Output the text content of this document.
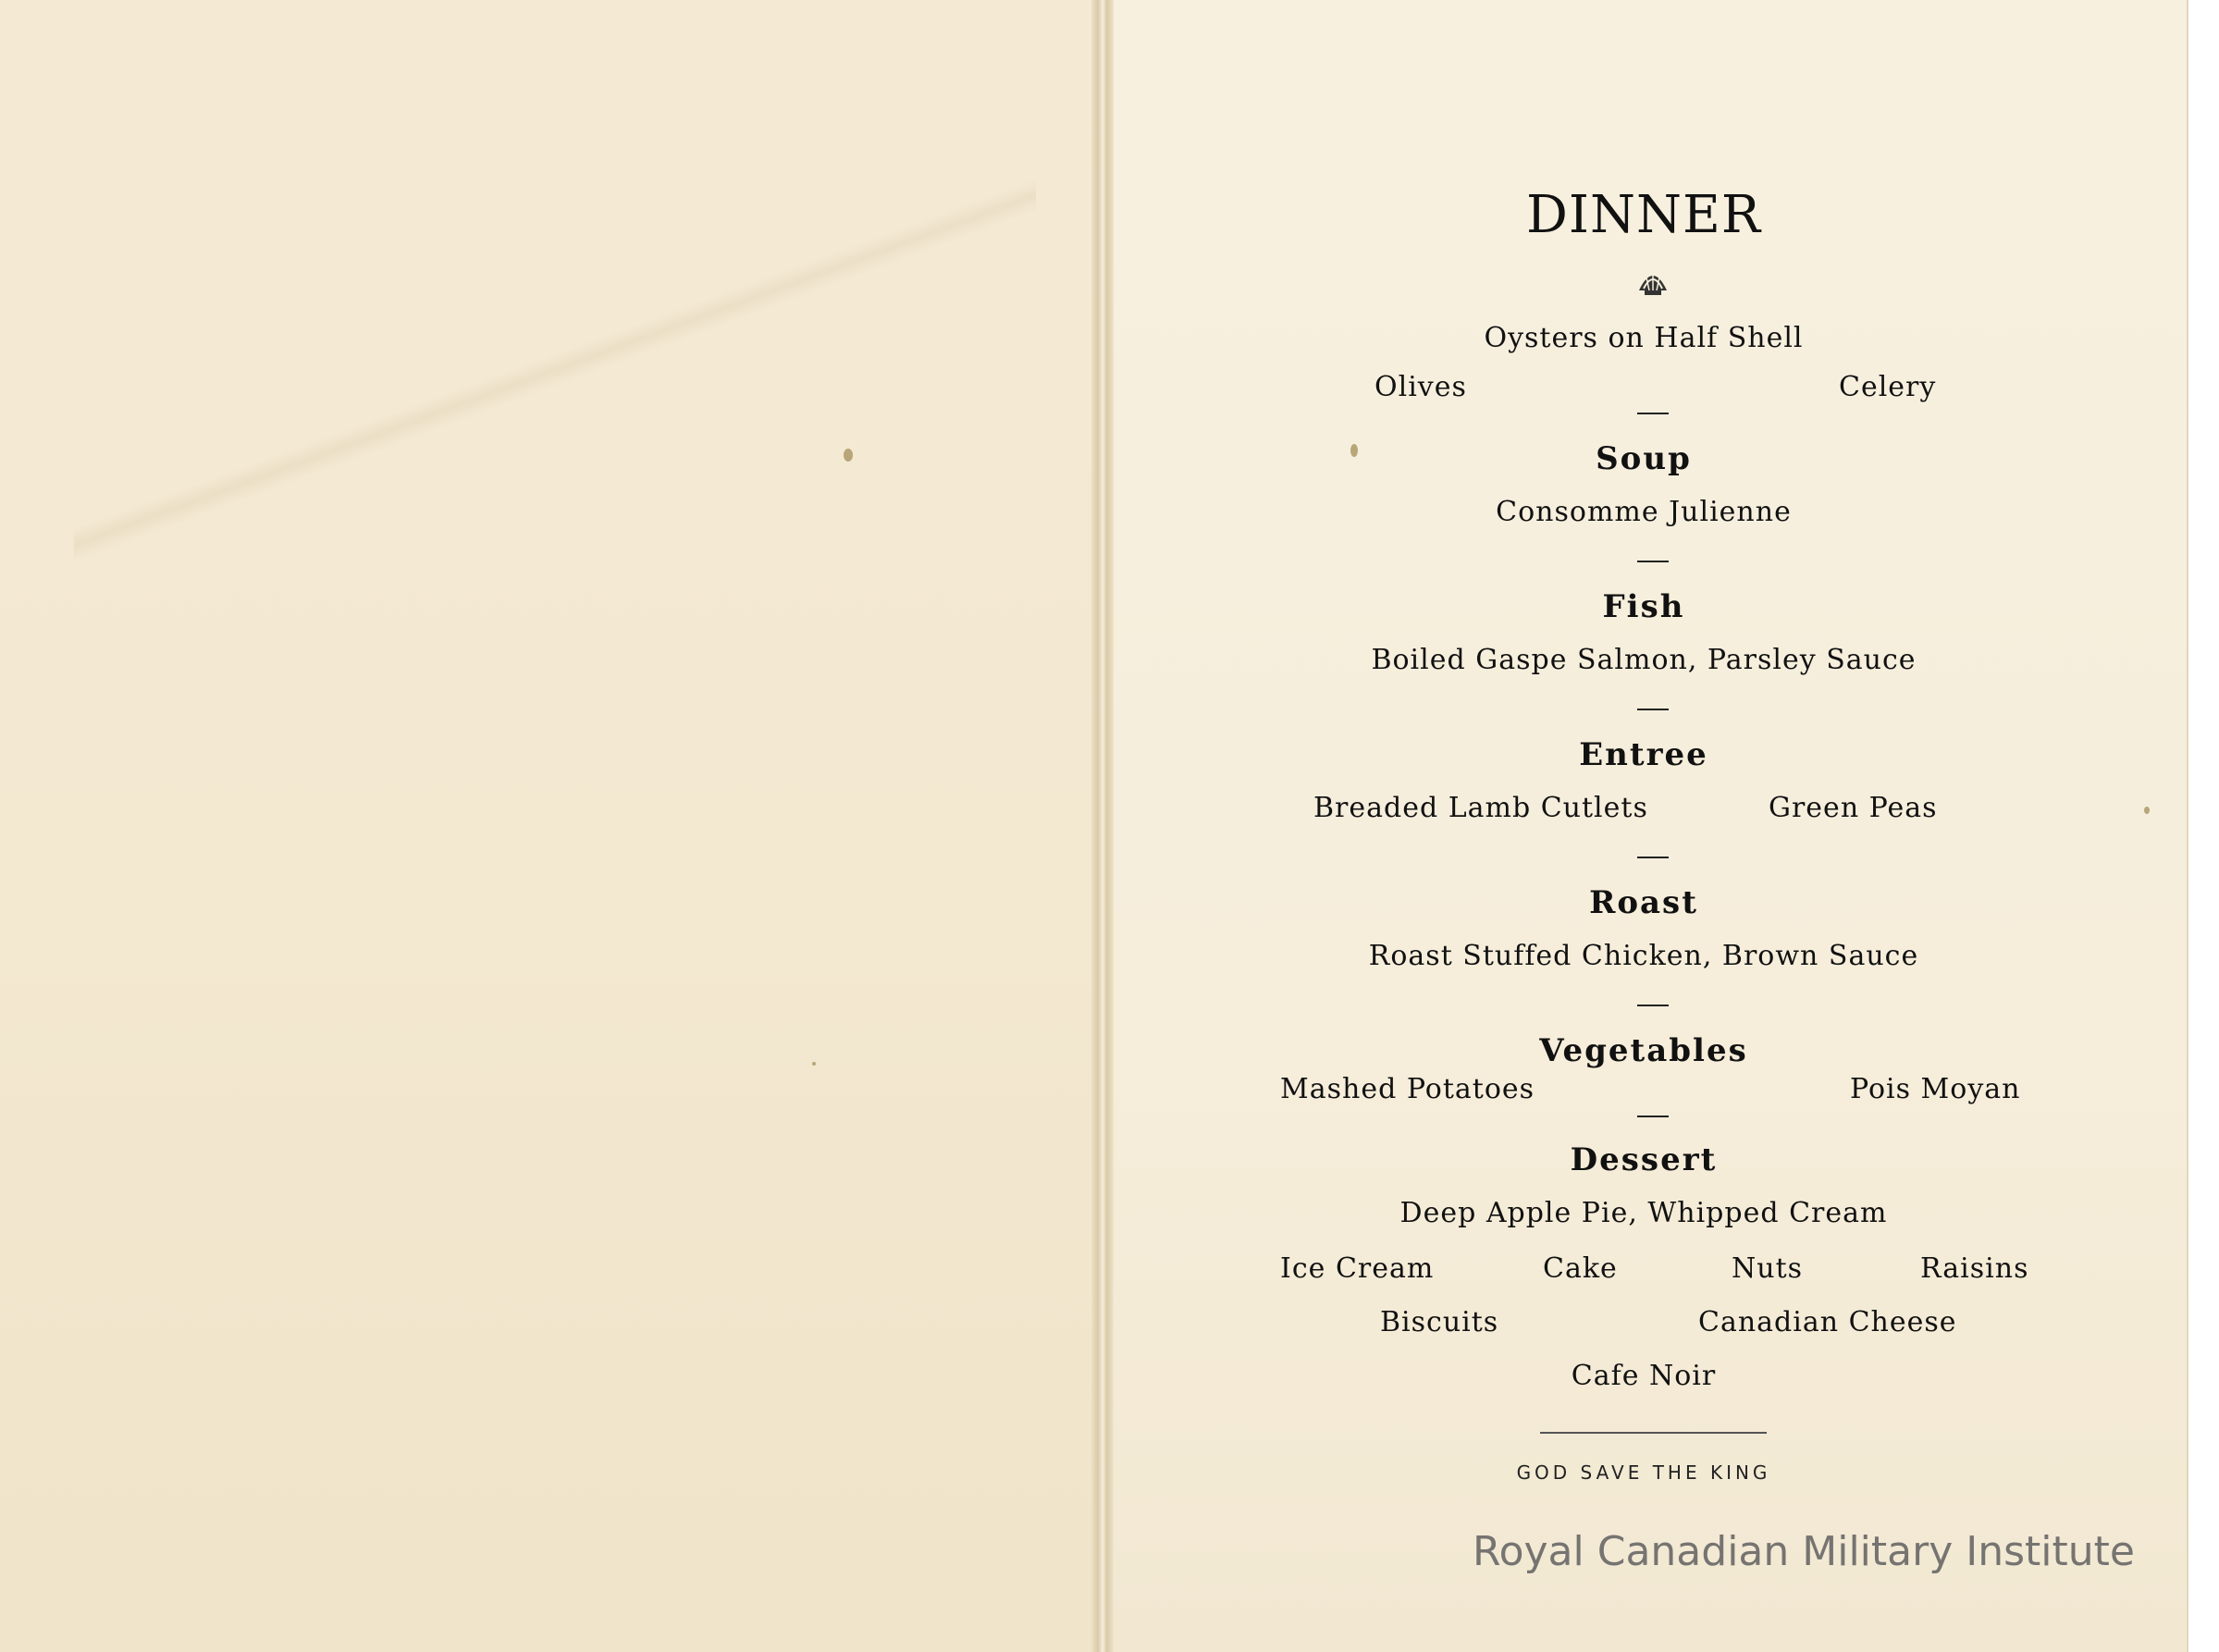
DINNER
Oysters on Half Shell
Olives	Celery
Soup
Consomme Julienne
Fish
Boiled Gaspe Salmon, Parsley Sauce
Entree
Breaded Lamb Cutlets	Green Peas
Roast
Roast Stuffed Chicken, Brown Sauce
Vegetables
Mashed Potatoes	Pois Moyan
Dessert
Deep Apple Pie, Whipped Cream
Ice Cream	Cake	Nuts	Raisins
Biscuits	Canadian Cheese
Cafe Noir
GOD SAVE THE KING
Royal Canadian Military Institute
